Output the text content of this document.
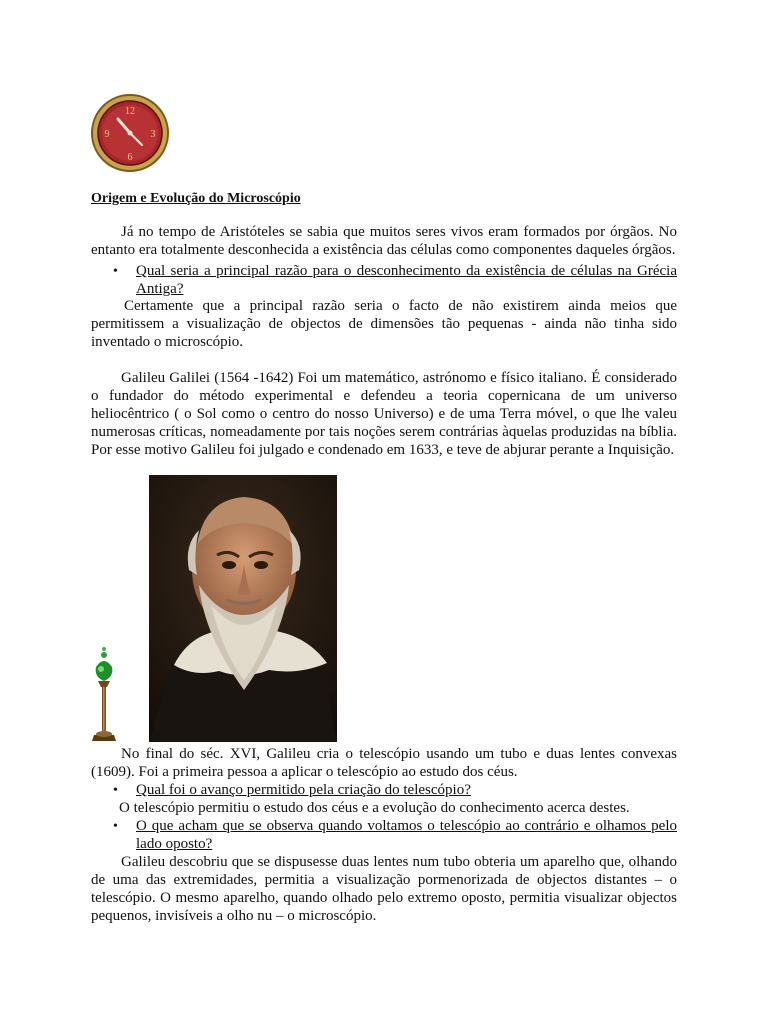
12
3
6
9
Origem e Evolução do Microscópio
Já no tempo de Aristóteles se sabia que muitos seres vivos eram formados por órgãos. No entanto era totalmente desconhecida a existência das células como componentes daqueles órgãos.
• Qual seria a principal razão para o desconhecimento da existência de células na Grécia Antiga?
Certamente que a principal razão seria o facto de não existirem ainda meios que permitissem a visualização de objectos de dimensões tão pequenas - ainda não tinha sido inventado o microscópio.
Galileu Galilei (1564 -1642) Foi um matemático, astrónomo e físico italiano. É considerado o fundador do método experimental e defendeu a teoria copernicana de um universo heliocêntrico ( o Sol como o centro do nosso Universo) e de uma Terra móvel, o que lhe valeu numerosas críticas, nomeadamente por tais noções serem contrárias àquelas produzidas na bíblia. Por esse motivo Galileu foi julgado e condenado em 1633, e teve de abjurar perante a Inquisição.
No final do séc. XVI, Galileu cria o telescópio usando um tubo e duas lentes convexas (1609). Foi a primeira pessoa a aplicar o telescópio ao estudo dos céus.
• Qual foi o avanço permitido pela criação do telescópio?
O telescópio permitiu o estudo dos céus e a evolução do conhecimento acerca destes.
• O que acham que se observa quando voltamos o telescópio ao contrário e olhamos pelo lado oposto?
Galileu descobriu que se dispusesse duas lentes num tubo obteria um aparelho que, olhando de uma das extremidades, permitia a visualização pormenorizada de objectos distantes – o telescópio. O mesmo aparelho, quando olhado pelo extremo oposto, permitia visualizar objectos pequenos, invisíveis a olho nu – o microscópio.
